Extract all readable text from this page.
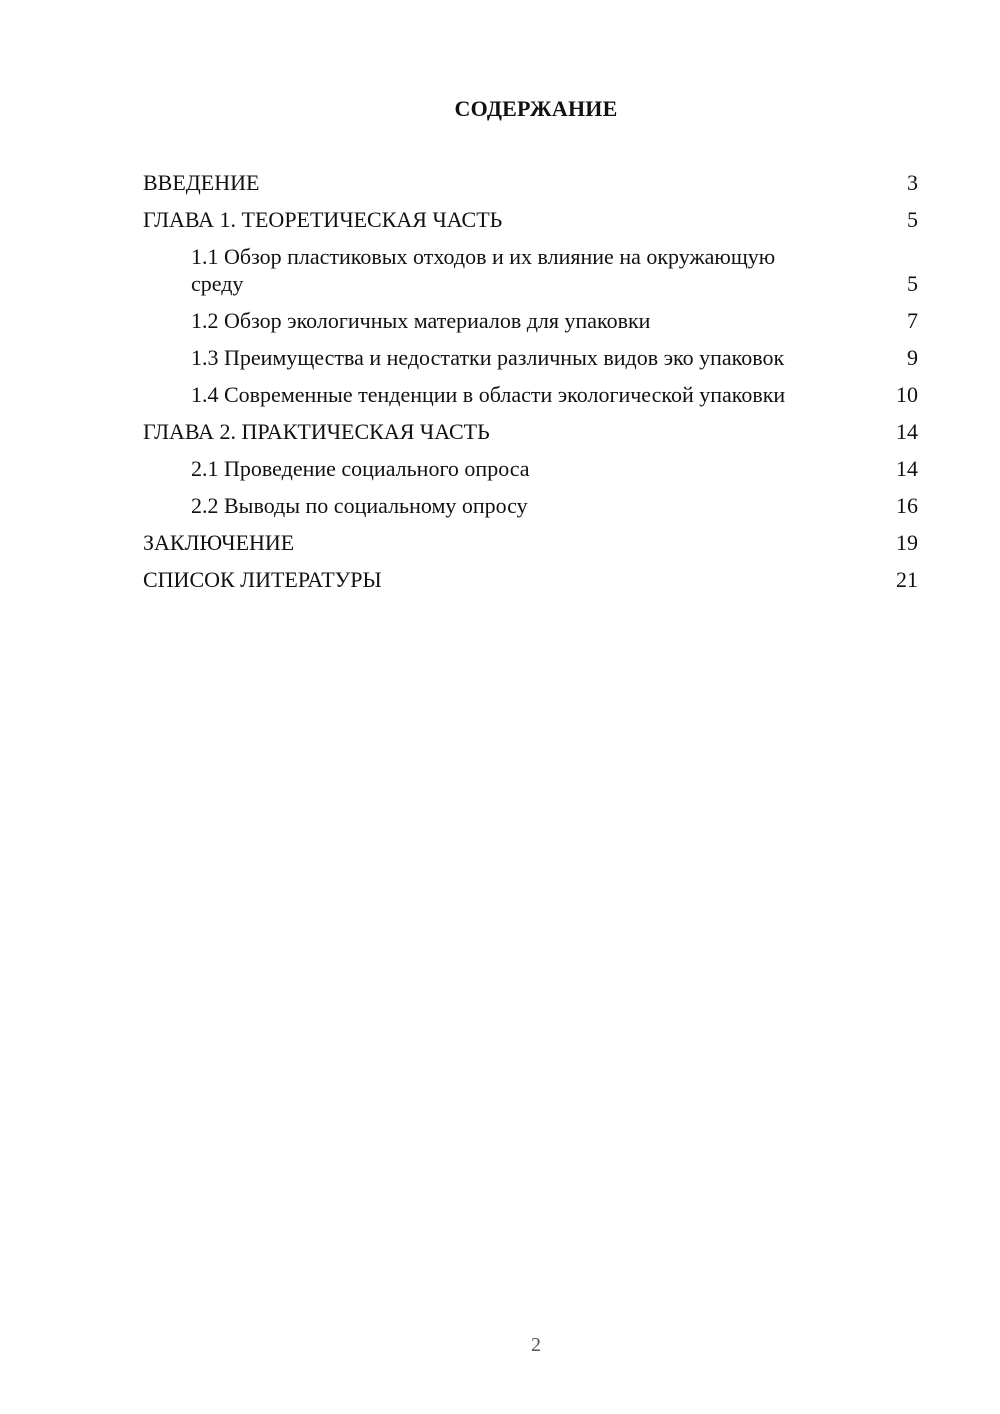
СОДЕРЖАНИЕ
ВВЕДЕНИЕ	3
ГЛАВА 1. ТЕОРЕТИЧЕСКАЯ ЧАСТЬ	5
1.1 Обзор пластиковых отходов и их влияние на окружающую среду	5
1.2 Обзор экологичных материалов для упаковки	7
1.3 Преимущества и недостатки различных видов эко упаковок	9
1.4 Современные тенденции в области экологической упаковки	10
ГЛАВА 2. ПРАКТИЧЕСКАЯ ЧАСТЬ	14
2.1 Проведение социального опроса	14
2.2 Выводы по социальному опросу	16
ЗАКЛЮЧЕНИЕ	19
СПИСОК ЛИТЕРАТУРЫ	21
2
